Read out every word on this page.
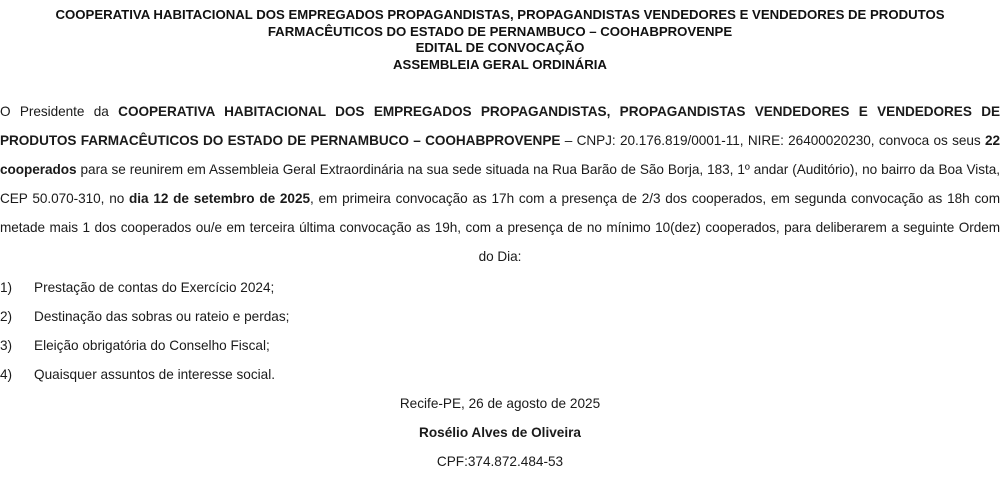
COOPERATIVA HABITACIONAL DOS EMPREGADOS PROPAGANDISTAS, PROPAGANDISTAS VENDEDORES E VENDEDORES DE PRODUTOS
FARMACÊUTICOS DO ESTADO DE PERNAMBUCO – COOHABPROVENPE
EDITAL DE CONVOCAÇÃO
ASSEMBLEIA GERAL ORDINÁRIA
O Presidente da COOPERATIVA HABITACIONAL DOS EMPREGADOS PROPAGANDISTAS, PROPAGANDISTAS VENDEDORES E VENDEDORES DE PRODUTOS FARMACÊUTICOS DO ESTADO DE PERNAMBUCO – COOHABPROVENPE – CNPJ: 20.176.819/0001-11, NIRE: 26400020230, convoca os seus 22 cooperados para se reunirem em Assembleia Geral Extraordinária na sua sede situada na Rua Barão de São Borja, 183, 1º andar (Auditório), no bairro da Boa Vista, CEP 50.070-310, no dia 12 de setembro de 2025, em primeira convocação as 17h com a presença de 2/3 dos cooperados, em segunda convocação as 18h com metade mais 1 dos cooperados ou/e em terceira última convocação as 19h, com a presença de no mínimo 10(dez) cooperados, para deliberarem a seguinte Ordem do Dia:
1)	Prestação de contas do Exercício 2024;
2)	Destinação das sobras ou rateio e perdas;
3)	Eleição obrigatória do Conselho Fiscal;
4)	Quaisquer assuntos de interesse social.
Recife-PE, 26 de agosto de 2025
Rosélio Alves de Oliveira
CPF:374.872.484-53
